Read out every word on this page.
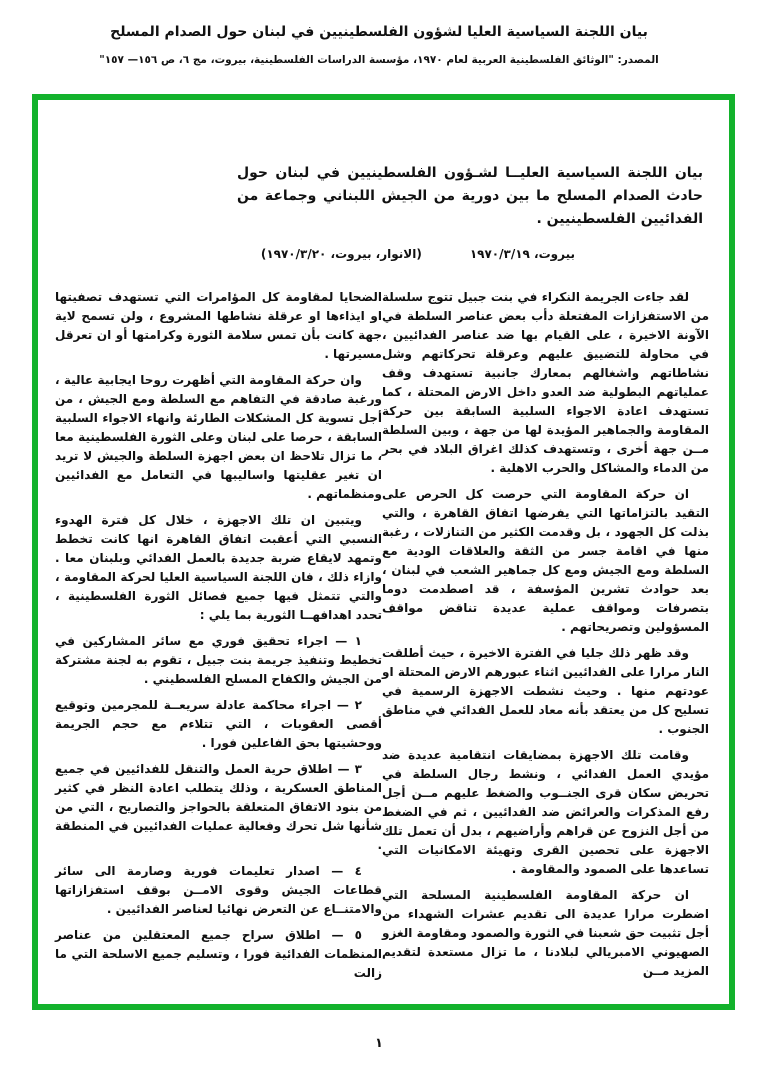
بيان اللجنة السياسية العليا لشؤون الفلسطينيين في لبنان حول الصدام المسلح
المصدر: "الوثائق الفلسطينية العربية لعام ١٩٧٠، مؤسسة الدراسات الفلسطينية، بيروت، مج ٦، ص ١٥٦— ١٥٧"
بيان اللجنة السياسية العليــا لشـؤون الفلسطينيين في لبنان حول حادث الصدام المسلح ما بين دورية من الجيش اللبناني وجماعة من الفدائيين الفلسطينيين .
بيروت، ١٩٧٠/٣/١٩
(الانوار، بيروت، ١٩٧٠/٣/٢٠)

لقد جاءت الجريمة النكراء في بنت جبيل تتوج سلسلة من الاستفزازات المفتعلة دأب بعض عناصر السلطة في الآونة الاخيرة ، على القيام بها ضد عناصر الفدائيين ، في محاولة للتضييق عليهم وعرقلة تحركاتهم وشل نشاطاتهم واشغالهم بمعارك جانبية تستهدف وقف عملياتهم البطولية ضد العدو داخل الارض المحتلة ، كما تستهدف اعادة الاجواء السلبية السابقة بين حركة المقاومة والجماهير المؤيدة لها من جهة ، وبين السلطة مــن جهة أخرى ، وتستهدف كذلك اغراق البلاد في بحر من الدماء والمشاكل والحرب الاهلية .

ان حركة المقاومة التي حرصت كل الحرص على التقيد بالتزاماتها التي يفرضها اتفاق القاهرة ، والتي بذلت كل الجهود ، بل وقدمت الكثير من التنازلات ، رغبة منها في اقامة جسر من الثقة والعلاقات الودية مع السلطة ومع الجيش ومع كل جماهير الشعب في لبنان ، بعد حوادث تشرين المؤسفة ، قد اصطدمت دوما بتصرفات ومواقف عملية عديدة تناقض مواقف المسؤولين وتصريحاتهم .

وقد ظهر ذلك جليا في الفترة الاخيرة ، حيث أطلقت النار مرارا على الفدائيين اثناء عبورهم الارض المحتلة او عودتهم منها . وحيث نشطت الاجهزة الرسمية في تسليح كل من يعتقد بأنه معاد للعمل الفدائي في مناطق الجنوب .

وقامت تلك الاجهزة بمضايقات انتقامية عديدة ضد مؤيدي العمل الفدائي ، ونشط رجال السلطة في تحريض سكان قرى الجنــوب والضغط عليهم مــن أجل رفع المذكرات والعرائض ضد الفدائيين ، ثم في الضغط من أجل النزوح عن قراهم وأراضيهم ، بدل أن تعمل تلك الاجهزة على تحصين القرى وتهيئة الامكانيات التي تساعدها على الصمود والمقاومة .

ان حركة المقاومة الفلسطينية المسلحة التي اضطرت مرارا عديدة الى تقديم عشرات الشهداء من أجل تثبيت حق شعبنا في الثورة والصمود ومقاومة الغزو الصهيوني الامبريالي لبلادنا ، ما تزال مستعدة لتقديم المزيد مــن

الضحايا لمقاومة كل المؤامرات التي تستهدف تصفيتها او ايذاءها او عرقلة نشاطها المشروع ، ولن تسمح لاية جهة كانت بأن تمس سلامة الثورة وكرامتها أو ان تعرقل مسيرتها .

وان حركة المقاومة التي أظهرت روحا ايجابية عالية ، ورغبة صادقة في التفاهم مع السلطة ومع الجيش ، من أجل تسوية كل المشكلات الطارئة وانهاء الاجواء السلبية السابقة ، حرصا على لبنان وعلى الثورة الفلسطينية معا ، ما تزال تلاحظ ان بعض اجهزة السلطة والجيش لا تريد ان تغير عقليتها واساليبها في التعامل مع الفدائيين ومنظماتهم .

ويتبين ان تلك الاجهزة ، خلال كل فترة الهدوء النسبي التي أعقبت اتفاق القاهرة انها كانت تخطط وتمهد لايقاع ضربة جديدة بالعمل الفدائي وبلبنان معا . وازاء ذلك ، فان اللجنة السياسية العليا لحركة المقاومة ، والتي تتمثل فيها جميع فصائل الثورة الفلسطينية ، تحدد اهدافهــا الثورية بما يلي :

١ — اجراء تحقيق فوري مع سائر المشاركين في تخطيط وتنفيذ جريمة بنت جبيل ، تقوم به لجنة مشتركة من الجيش والكفاح المسلح الفلسطيني .

٢ — اجراء محاكمة عادلة سريعــة للمجرمين وتوقيع أقصى العقوبات ، التي تتلاءم مع حجم الجريمة ووحشيتها بحق الفاعلين فورا .

٣ — اطلاق حرية العمل والتنقل للفدائيين في جميع المناطق العسكرية ، وذلك يتطلب اعادة النظر في كثير من بنود الاتفاق المتعلقة بالحواجز والتصاريح ، التي من شأنها شل تحرك وفعالية عمليات الفدائيين في المنطقة .

٤ — اصدار تعليمات فورية وصارمة الى سائر قطاعات الجيش وقوى الامــن بوقف استفزازاتها والامتنــاع عن التعرض نهائيا لعناصر الفدائيين .

٥ — اطلاق سراح جميع المعتقلين من عناصر المنظمات الفدائية فورا ، وتسليم جميع الاسلحة التي ما زالت

١
